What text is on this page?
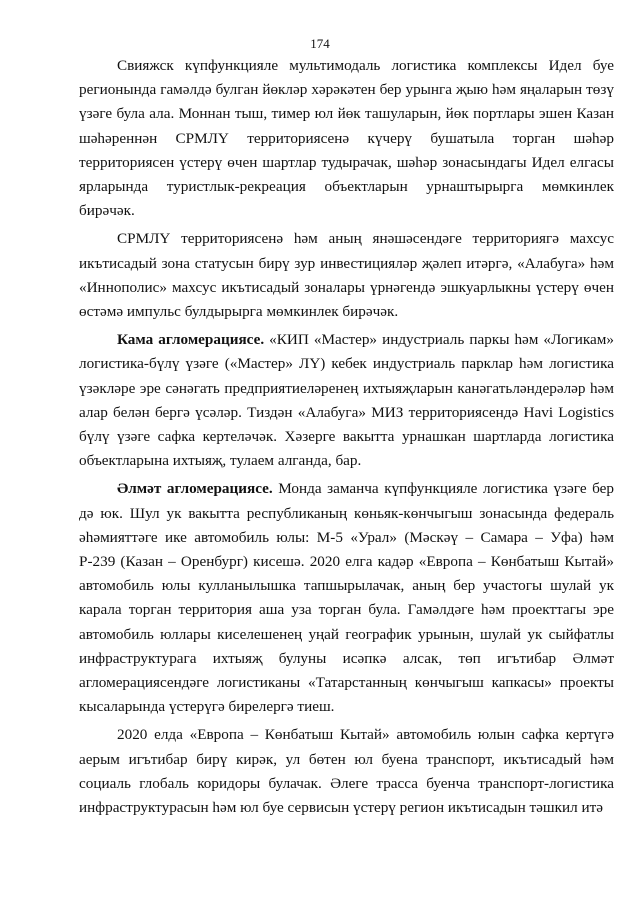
174

Свияжск күпфункцияле мультимодаль логистика комплексы Идел буе регионында гамәлдә булган йөкләр хәрәкәтен бер урынга җыю һәм яңаларын төзү үзәге була ала. Моннан тыш, тимер юл йөк ташуларын, йөк портлары эшен Казан шәһәреннән СРМЛҮ территориясенә күчерү бушатыла торган шәһәр территориясен үстерү өчен шартлар тудырачак, шәһәр зонасындагы Идел елгасы ярларында туристлык-рекреация объектларын урнаштырырга мөмкинлек бирәчәк.

СРМЛҮ территориясенә һәм аның янәшәсендәге территориягә махсус икътисадый зона статусын бирү зур инвестицияләр җәлеп итәргә, «Алабуга» һәм «Иннополис» махсус икътисадый зоналары үрнәгендә эшкуарлыкны үстерү өчен өстәмә импульс булдырырга мөмкинлек бирәчәк.

Кама агломерациясе. «КИП «Мастер» индустриаль паркы һәм «Логикам» логистика-бүлү үзәге («Мастер» ЛҮ) кебек индустриаль парклар һәм логистика үзәкләре эре сәнәгать предприятиеләренең ихтыяҗларын канәгатьләндерәләр һәм алар белән бергә үсәләр. Тиздән «Алабуга» МИЗ территориясендә Havi Logistics бүлү үзәге сафка кертеләчәк. Хәзерге вакытта урнашкан шартларда логистика объектларына ихтыяҗ, тулаем алганда, бар.

Әлмәт агломерациясе. Монда заманча күпфункцияле логистика үзәге бер дә юк. Шул ук вакытта республиканың көньяк-көнчыгыш зонасында федераль әһәмияттәге ике автомобиль юлы: М-5 «Урал» (Мәскәү – Самара – Уфа) һәм Р-239 (Казан – Оренбург) кисешә. 2020 елга кадәр «Европа – Көнбатыш Кытай» автомобиль юлы кулланылышка тапшырылачак, аның бер участогы шулай ук карала торган территория аша уза торган була. Гамәлдәге һәм проекттагы эре автомобиль юллары киселешенең уңай географик урынын, шулай ук сыйфатлы инфраструктурага ихтыяҗ булуны исәпкә алсак, төп игътибар Әлмәт агломерациясендәге логистиканы «Татарстанның көнчыгыш капкасы» проекты кысаларында үстерүгә бирелергә тиеш.

2020 елда «Европа – Көнбатыш Кытай» автомобиль юлын сафка кертүгә аерым игътибар бирү кирәк, ул бөтен юл буена транспорт, икътисадый һәм социаль глобаль коридоры булачак. Әлеге трасса буенча транспорт-логистика инфраструктурасын һәм юл буе сервисын үстерү регион икътисадын тәшкил итә
